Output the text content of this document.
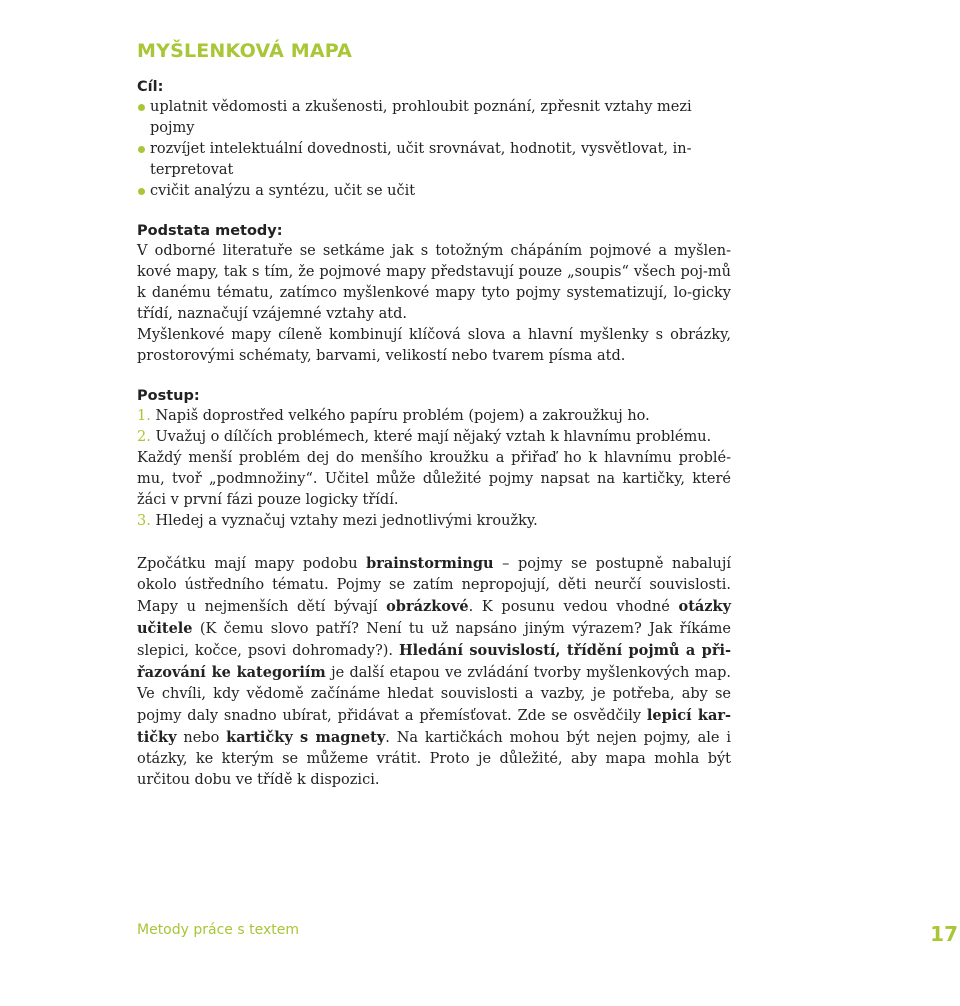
MYŠLENKOVÁ MAPA
Cíl:
uplatnit vědomosti a zkušenosti, prohloubit poznání, zpřesnit vztahy mezi pojmy
rozvíjet intelektuální dovednosti, učit srovnávat, hodnotit, vysvětlovat, in-terpretovat
cvičit analýzu a syntézu, učit se učit
Podstata metody:

V odborné literatuře se setkáme jak s totožným chápáním pojmové a myšlen-kové mapy, tak s tím, že pojmové mapy představují pouze „soupis“ všech poj-mů k danému tématu, zatímco myšlenkové mapy tyto pojmy systematizují, lo-gicky třídí, naznačují vzájemné vztahy atd.

Myšlenkové mapy cíleně kombinují klíčová slova a hlavní myšlenky s obrázky, prostorovými schématy, barvami, velikostí nebo tvarem písma atd.

Postup:

1. Napiš doprostřed velkého papíru problém (pojem) a zakroužkuj ho.

2. Uvažuj o dílčích problémech, které mají nějaký vztah k hlavnímu problému.

Každý menší problém dej do menšího kroužku a přiřaď ho k hlavnímu problé-mu, tvoř „podmnožiny“. Učitel může důležité pojmy napsat na kartičky, které žáci v první fázi pouze logicky třídí.

3. Hledej a vyznačuj vztahy mezi jednotlivými kroužky.

Zpočátku mají mapy podobu brainstormingu – pojmy se postupně nabalují okolo ústředního tématu. Pojmy se zatím nepropojují, děti neurčí souvislosti. Mapy u nejmenších dětí bývají obrázkové. K posunu vedou vhodné otázky učitele (K čemu slovo patří? Není tu už napsáno jiným výrazem? Jak říkáme slepici, kočce, psovi dohromady?). Hledání souvislostí, třídění pojmů a při-řazování ke kategoriím je další etapou ve zvládání tvorby myšlenkových map. Ve chvíli, kdy vědomě začínáme hledat souvislosti a vazby, je potřeba, aby se pojmy daly snadno ubírat, přidávat a přemísťovat. Zde se osvědčily lepicí kar-tičky nebo kartičky s magnety. Na kartičkách mohou být nejen pojmy, ale i otázky, ke kterým se můžeme vrátit. Proto je důležité, aby mapa mohla být určitou dobu ve třídě k dispozici.

Metody práce s textem	17
